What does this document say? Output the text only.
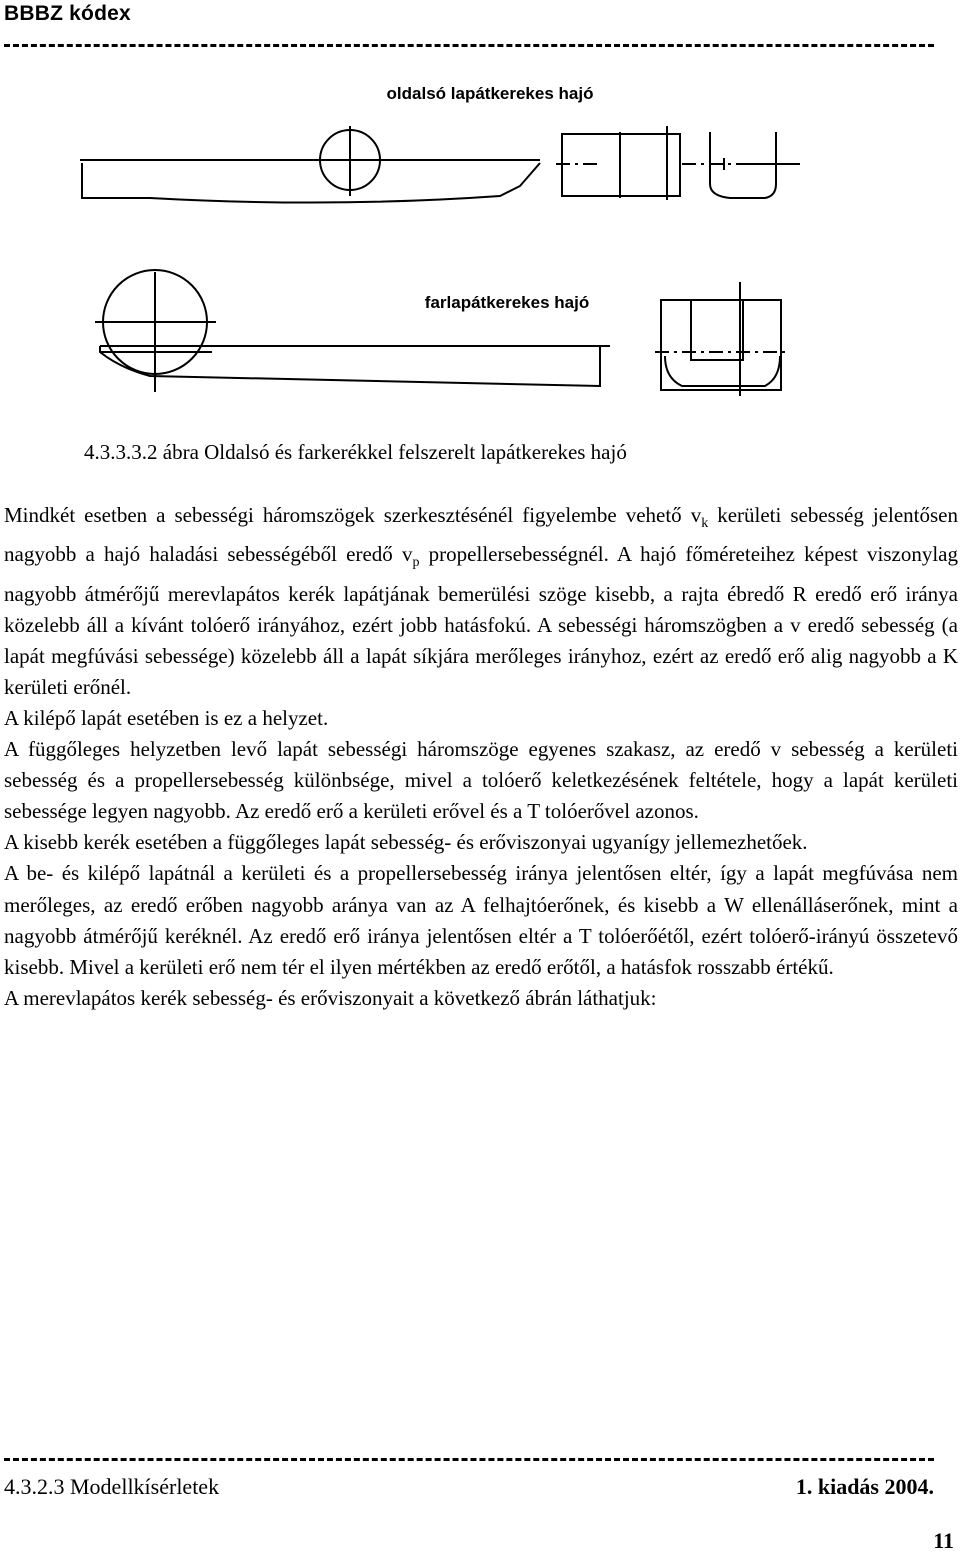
BBBZ kódex
oldalsó lapátkerekes hajó
farlapátkerekes hajó
4.3.3.3.2 ábra Oldalsó és farkerékkel felszerelt lapátkerekes hajó

Mindkét esetben a sebességi háromszögek szerkesztésénél figyelembe vehető $v_k$ kerületi sebesség jelentősen nagyobb a hajó haladási sebességéből eredő $v_p$ propellersebességnél. A hajó főméreteihez képest viszonylag nagyobb átmérőjű merevlapátos kerék lapátjának bemerülési szöge kisebb, a rajta ébredő R eredő erő iránya közelebb áll a kívánt tolóerő irányához, ezért jobb hatásfokú. A sebességi háromszögben a v eredő sebesség (a lapát megfúvási sebessége) közelebb áll a lapát síkjára merőleges irányhoz, ezért az eredő erő alig nagyobb a K kerületi erőnél.

A kilépő lapát esetében is ez a helyzet.

A függőleges helyzetben levő lapát sebességi háromszöge egyenes szakasz, az eredő v sebesség a kerületi sebesség és a propellersebesség különbsége, mivel a tolóerő keletkezésének feltétele, hogy a lapát kerületi sebessége legyen nagyobb. Az eredő erő a kerületi erővel és a T tolóerővel azonos.

A kisebb kerék esetében a függőleges lapát sebesség- és erőviszonyai ugyanígy jellemezhetőek.

A be- és kilépő lapátnál a kerületi és a propellersebesség iránya jelentősen eltér, így a lapát megfúvása nem merőleges, az eredő erőben nagyobb aránya van az A felhajtóerőnek, és kisebb a W ellenálláserőnek, mint a nagyobb átmérőjű keréknél. Az eredő erő iránya jelentősen eltér a T tolóerőétől, ezért tolóerő-irányú összetevő kisebb. Mivel a kerületi erő nem tér el ilyen mértékben az eredő erőtől, a hatásfok rosszabb értékű.

A merevlapátos kerék sebesség- és erőviszonyait a következő ábrán láthatjuk:

4.3.2.3 Modellkísérletek	1. kiadás 2004.
11
